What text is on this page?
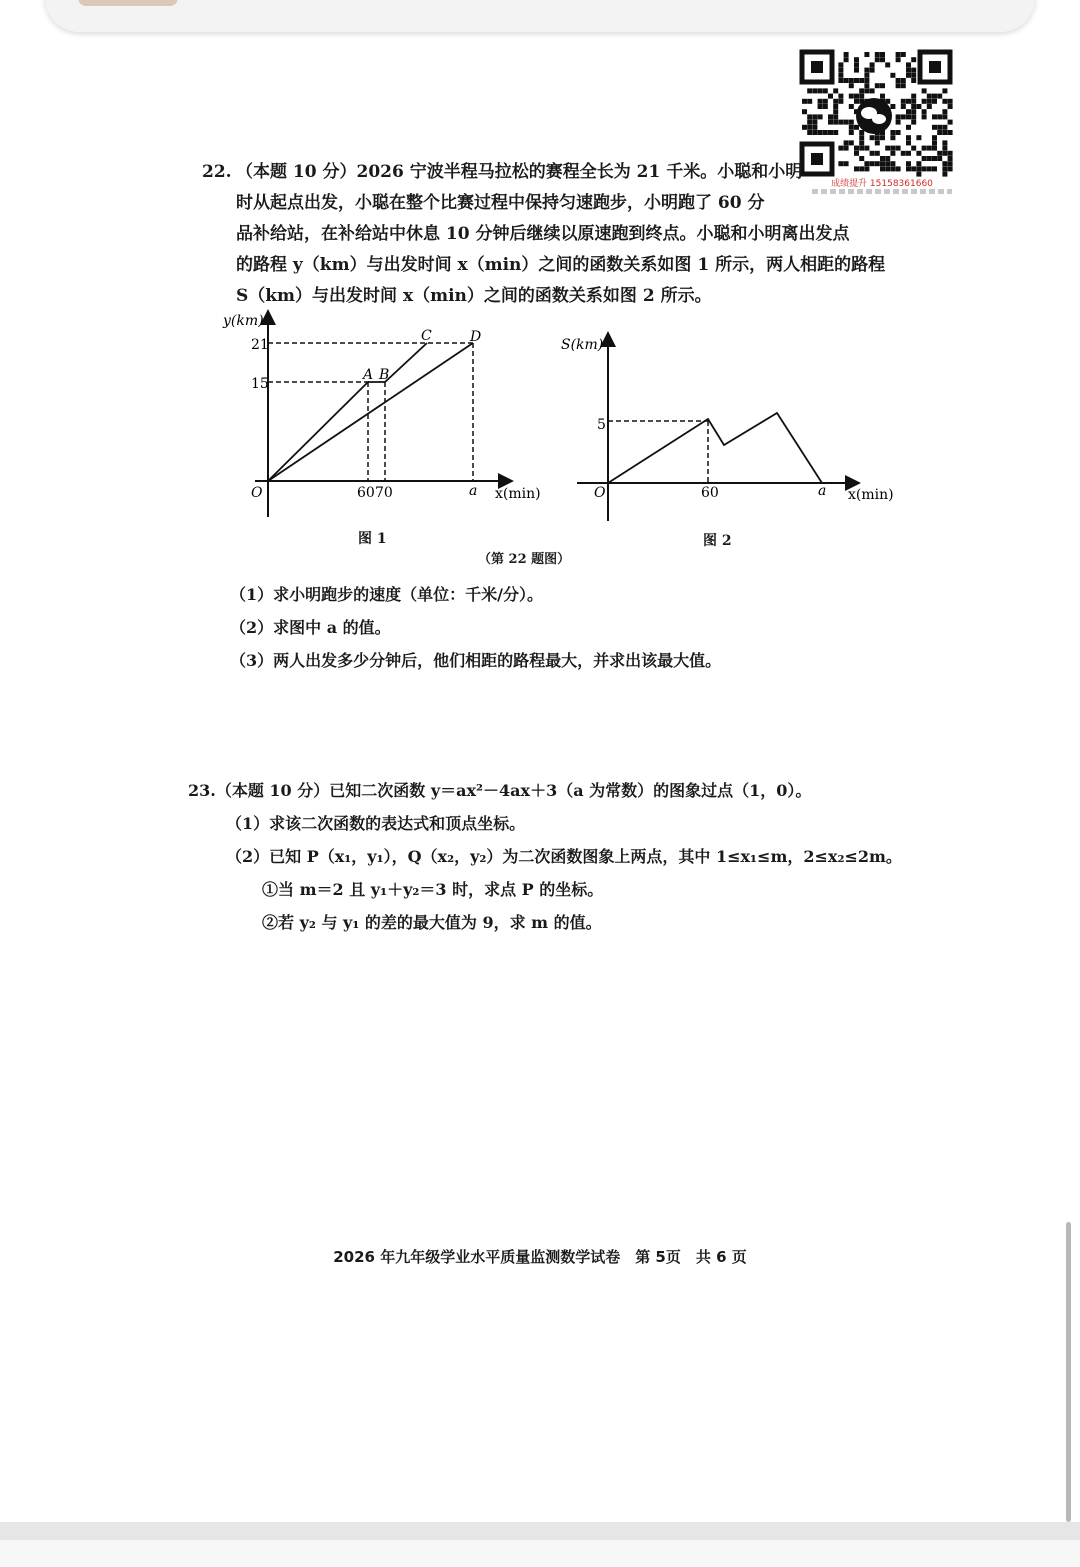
成绩提升 15158361660
22. （本题 10 分）2026 宁波半程马拉松的赛程全长为 21 千米。小聪和小明
时从起点出发，小聪在整个比赛过程中保持匀速跑步，小明跑了 60 分
品补给站，在补给站中休息 10 分钟后继续以原速跑到终点。小聪和小明离出发点
的路程 y（km）与出发时间 x（min）之间的函数关系如图 1 所示，两人相距的路程
S（km）与出发时间 x（min）之间的函数关系如图 2 所示。
y(km)
x(min)
O
21
15
A B
C	D
60 70	a
S(km)
x(min)
O
5
60	a
图 1	图 2
（第 22 题图）
（1）求小明跑步的速度（单位：千米/分）。
（2）求图中 a 的值。
（3）两人出发多少分钟后，他们相距的路程最大，并求出该最大值。
23.（本题 10 分）已知二次函数 y＝ax²－4ax＋3（a 为常数）的图象过点（1，0）。
（1）求该二次函数的表达式和顶点坐标。
（2）已知 P（x₁，y₁），Q（x₂，y₂）为二次函数图象上两点，其中 1≤x₁≤m，2≤x₂≤2m。
①当 m＝2 且 y₁＋y₂＝3 时，求点 P 的坐标。
②若 y₂ 与 y₁ 的差的最大值为 9，求 m 的值。
2026 年九年级学业水平质量监测数学试卷　第 5页　共 6 页
